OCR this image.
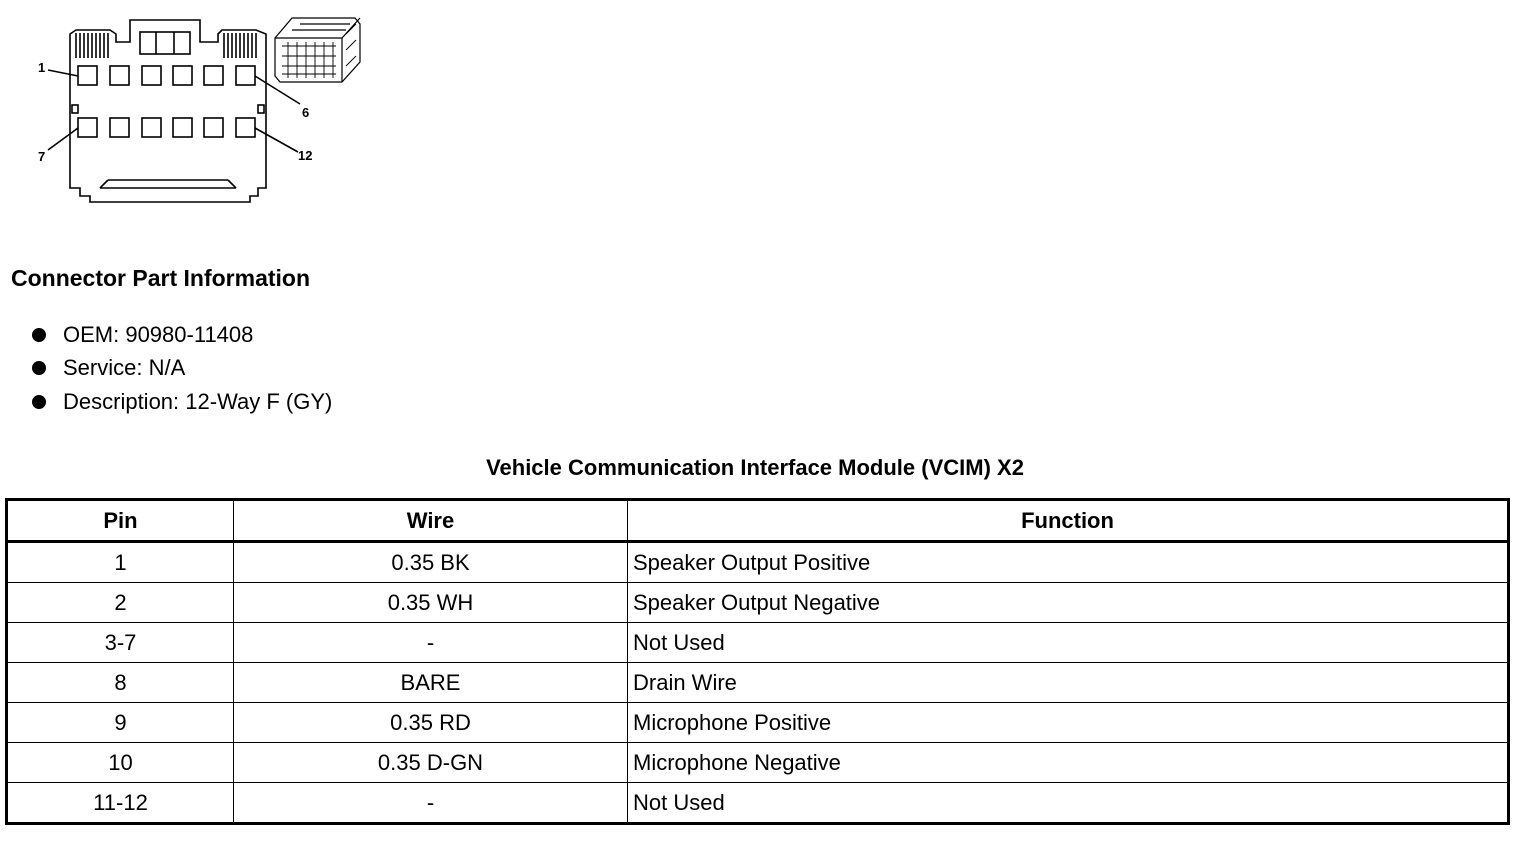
1
6
7	12
Connector Part Information
OEM: 90980-11408
Service: N/A
Description: 12-Way F (GY)
Vehicle Communication Interface Module (VCIM) X2
Pin	Wire	Function
1	0.35 BK	Speaker Output Positive
2	0.35 WH	Speaker Output Negative
3-7	-	Not Used
8	BARE	Drain Wire
9	0.35 RD	Microphone Positive
10	0.35 D-GN	Microphone Negative
11-12	-	Not Used
